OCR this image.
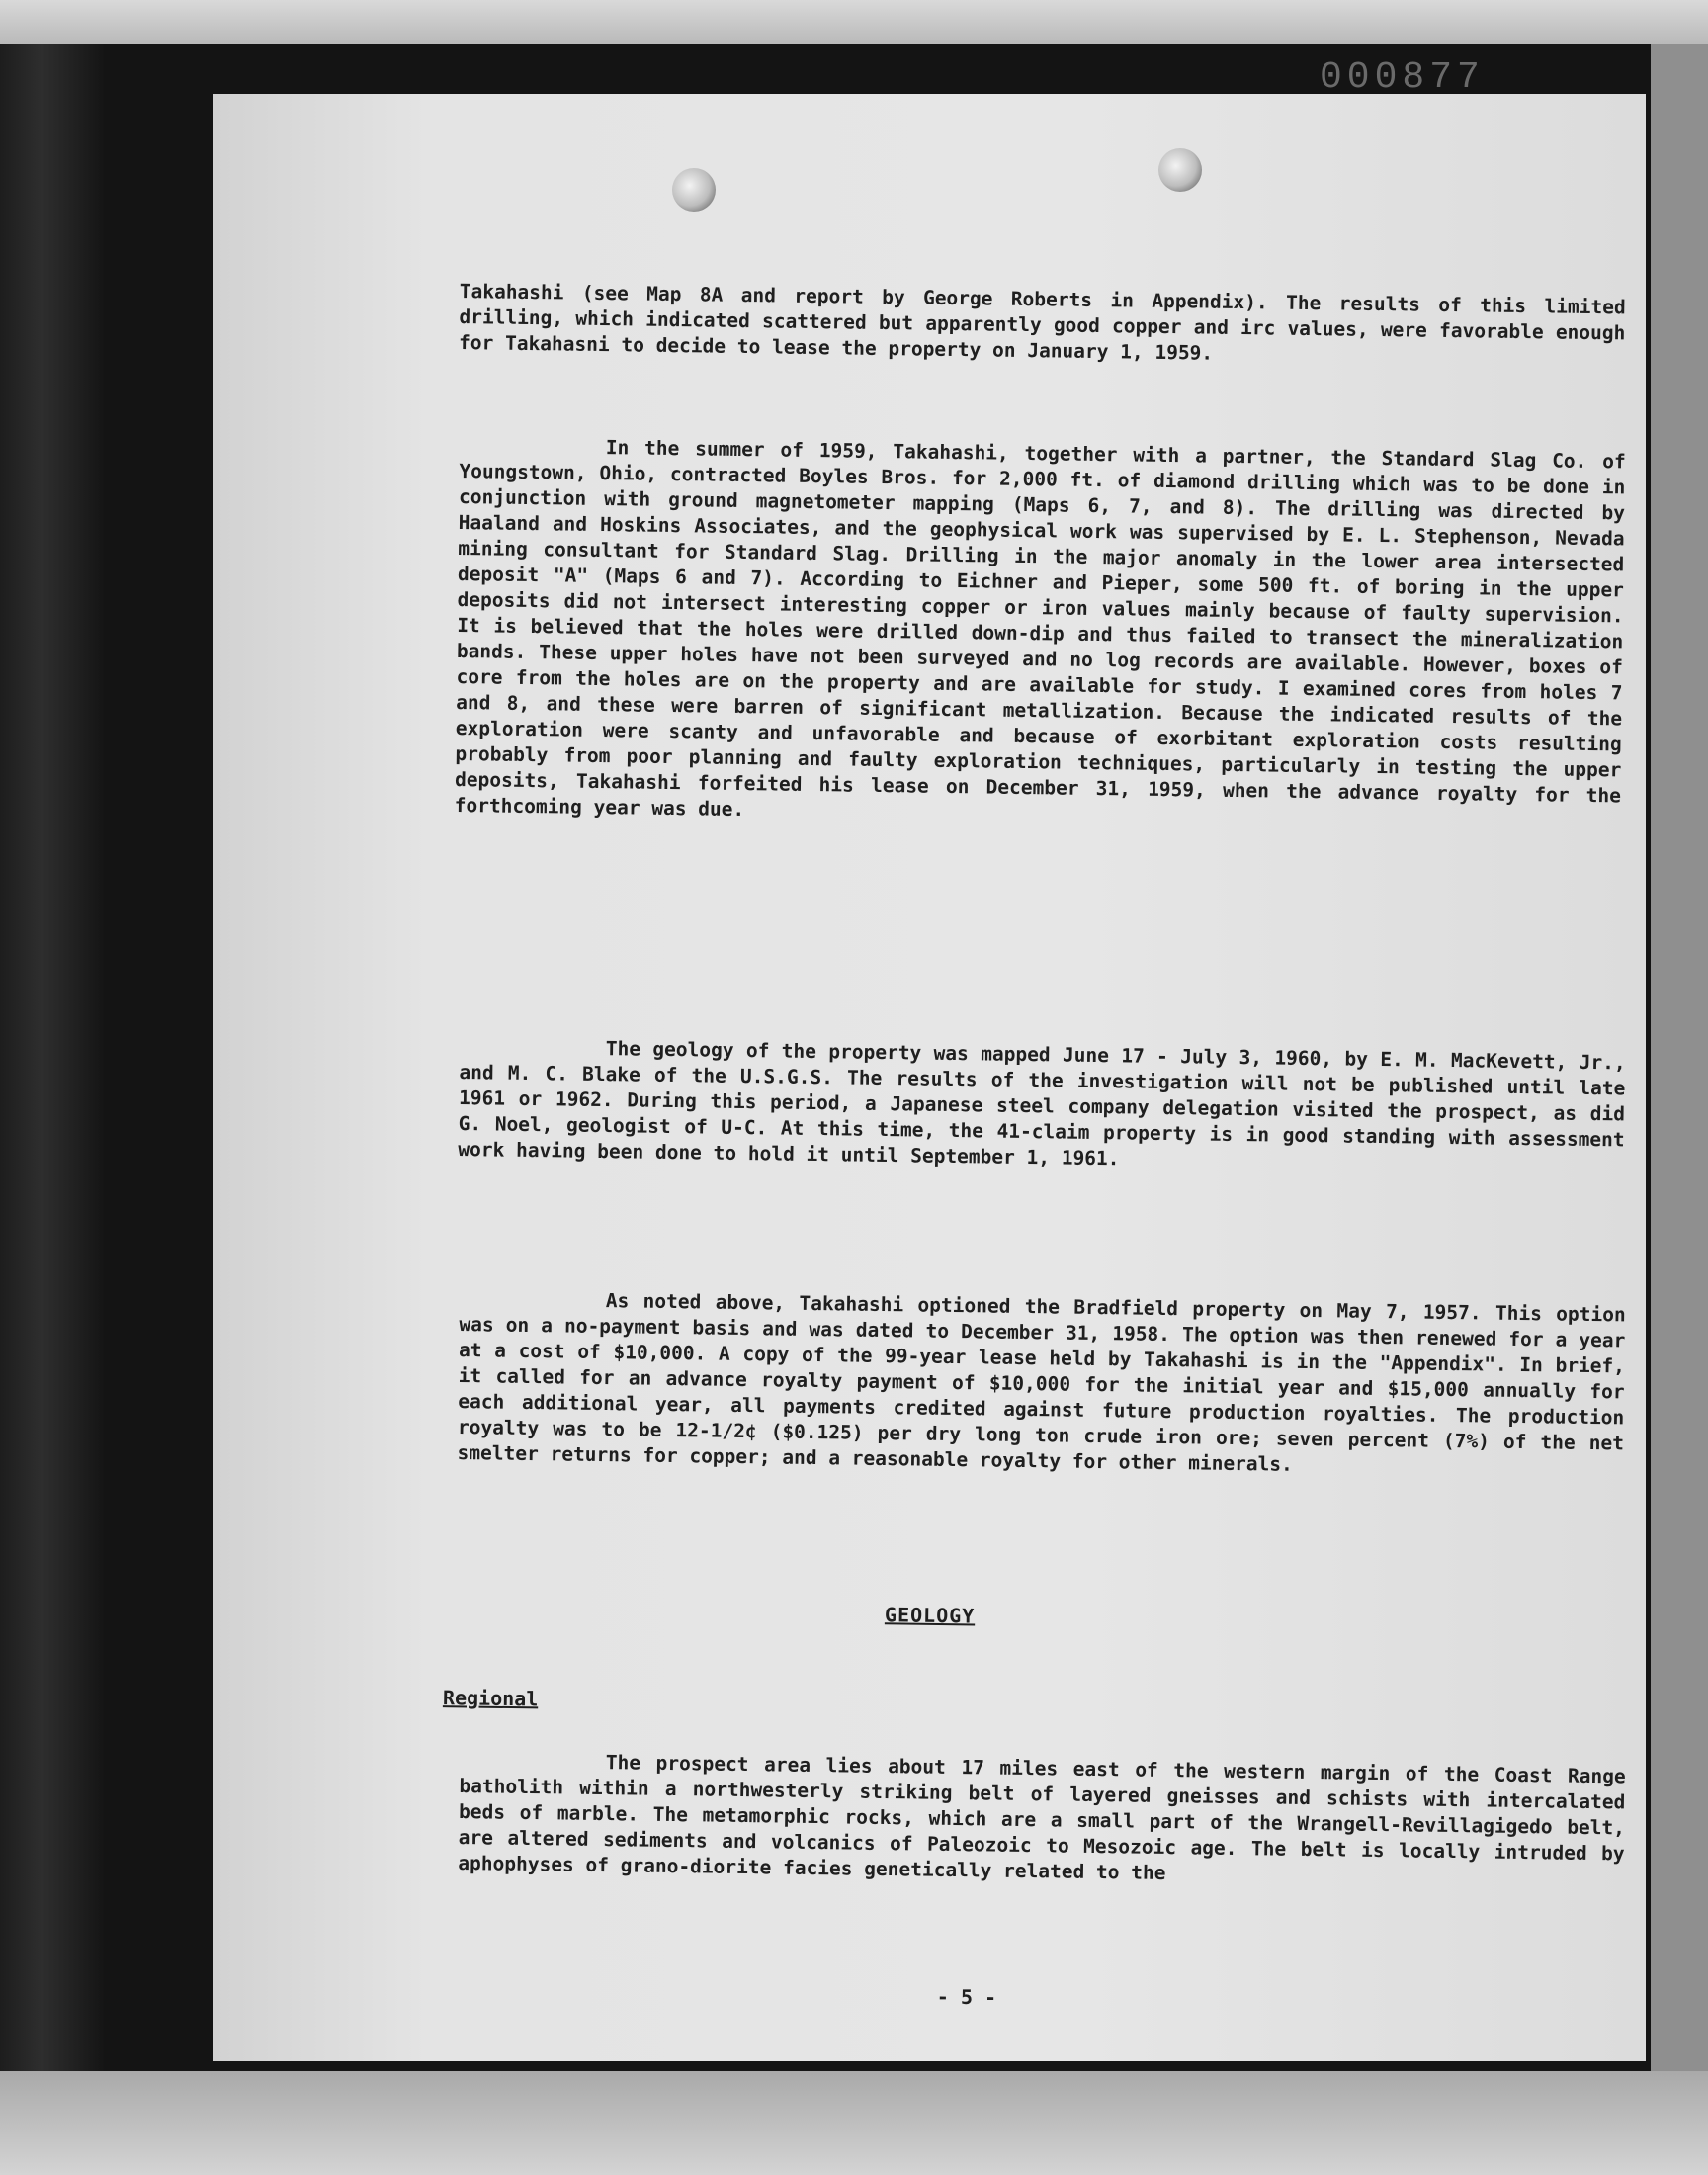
000877

Takahashi (see Map 8A and report by George Roberts in Appendix). The results of this limited drilling, which indicated scattered but apparently good copper and irc values, were favorable enough for Takahasni to decide to lease the property on January 1, 1959.

In the summer of 1959, Takahashi, together with a partner, the Standard Slag Co. of Youngstown, Ohio, contracted Boyles Bros. for 2,000 ft. of diamond drilling which was to be done in conjunction with ground magnetometer mapping (Maps 6, 7, and 8). The drilling was directed by Haaland and Hoskins Associates, and the geophysical work was supervised by E. L. Stephenson, Nevada mining consultant for Standard Slag. Drilling in the major anomaly in the lower area intersected deposit "A" (Maps 6 and 7). According to Eichner and Pieper, some 500 ft. of boring in the upper deposits did not intersect interesting copper or iron values mainly because of faulty supervision. It is believed that the holes were drilled down-dip and thus failed to transect the mineralization bands. These upper holes have not been surveyed and no log records are available. However, boxes of core from the holes are on the property and are available for study. I examined cores from holes 7 and 8, and these were barren of significant metallization. Because the indicated results of the exploration were scanty and unfavorable and because of exorbitant exploration costs resulting probably from poor planning and faulty exploration techniques, particularly in testing the upper deposits, Takahashi forfeited his lease on December 31, 1959, when the advance royalty for the forthcoming year was due.

The geology of the property was mapped June 17 - July 3, 1960, by E. M. MacKevett, Jr., and M. C. Blake of the U.S.G.S. The results of the investigation will not be published until late 1961 or 1962. During this period, a Japanese steel company delegation visited the prospect, as did G. Noel, geologist of U-C. At this time, the 41-claim property is in good standing with assessment work having been done to hold it until September 1, 1961.

As noted above, Takahashi optioned the Bradfield property on May 7, 1957. This option was on a no-payment basis and was dated to December 31, 1958. The option was then renewed for a year at a cost of $10,000. A copy of the 99-year lease held by Takahashi is in the "Appendix". In brief, it called for an advance royalty payment of $10,000 for the initial year and $15,000 annually for each additional year, all payments credited against future production royalties. The production royalty was to be 12-1/2¢ ($0.125) per dry long ton crude iron ore; seven percent (7%) of the net smelter returns for copper; and a reasonable royalty for other minerals.

GEOLOGY
Regional

The prospect area lies about 17 miles east of the western margin of the Coast Range batholith within a northwesterly striking belt of layered gneisses and schists with intercalated beds of marble. The metamorphic rocks, which are a small part of the Wrangell-Revillagigedo belt, are altered sediments and volcanics of Paleozoic to Mesozoic age. The belt is locally intruded by aphophyses of grano-diorite facies genetically related to the

- 5 -
